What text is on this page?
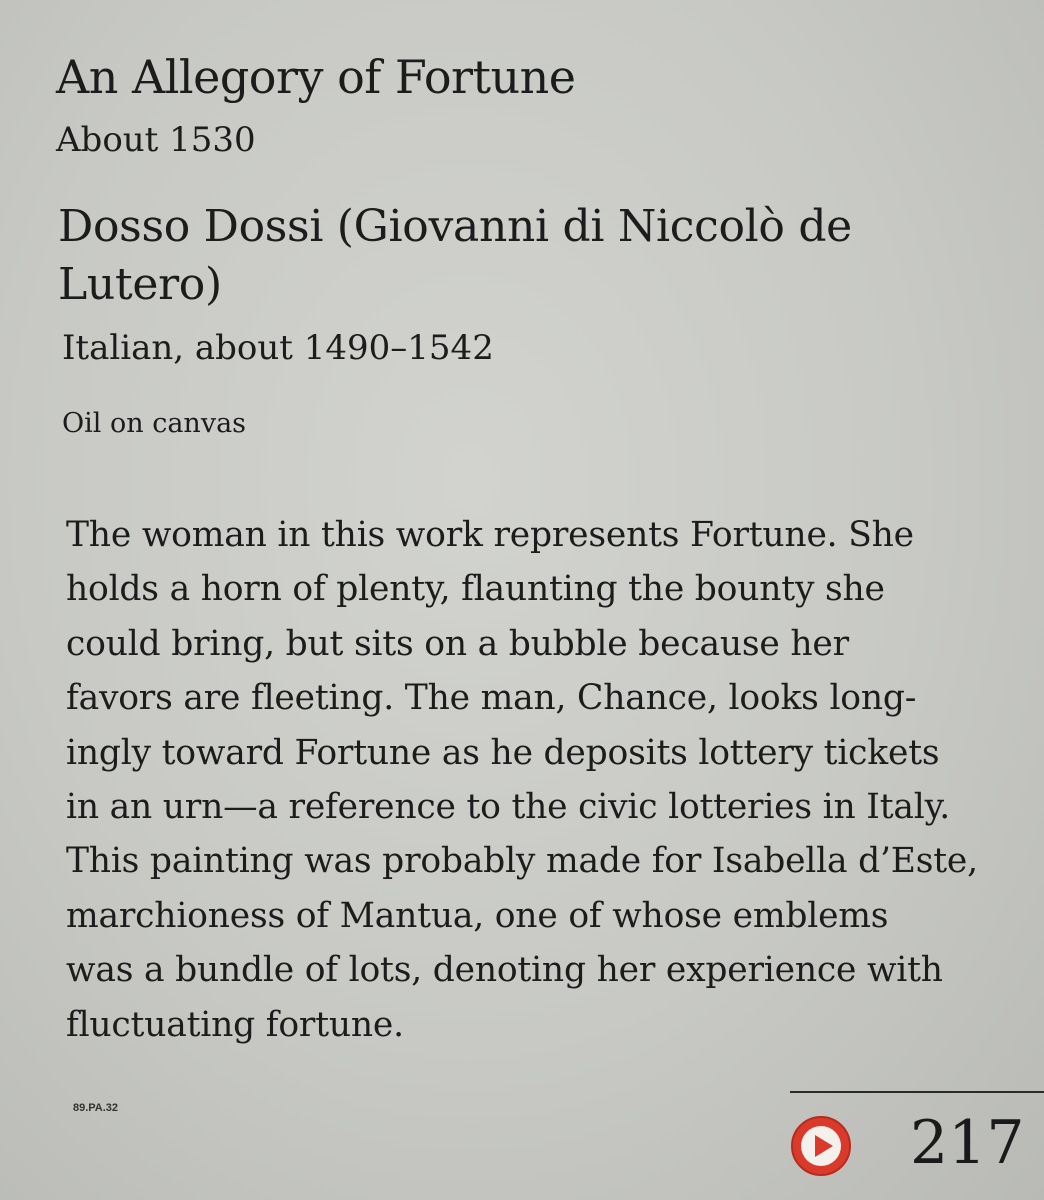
An Allegory of Fortune
About 1530
Dosso Dossi (Giovanni di Niccolò de Lutero)
Italian, about 1490–1542
Oil on canvas
The woman in this work represents Fortune. She
holds a horn of plenty, flaunting the bounty she
could bring, but sits on a bubble because her
favors are fleeting. The man, Chance, looks long-
ingly toward Fortune as he deposits lottery tickets
in an urn—a reference to the civic lotteries in Italy.
This painting was probably made for Isabella d’Este,
marchioness of Mantua, one of whose emblems
was a bundle of lots, denoting her experience with
fluctuating fortune.
89.PA.32	217
